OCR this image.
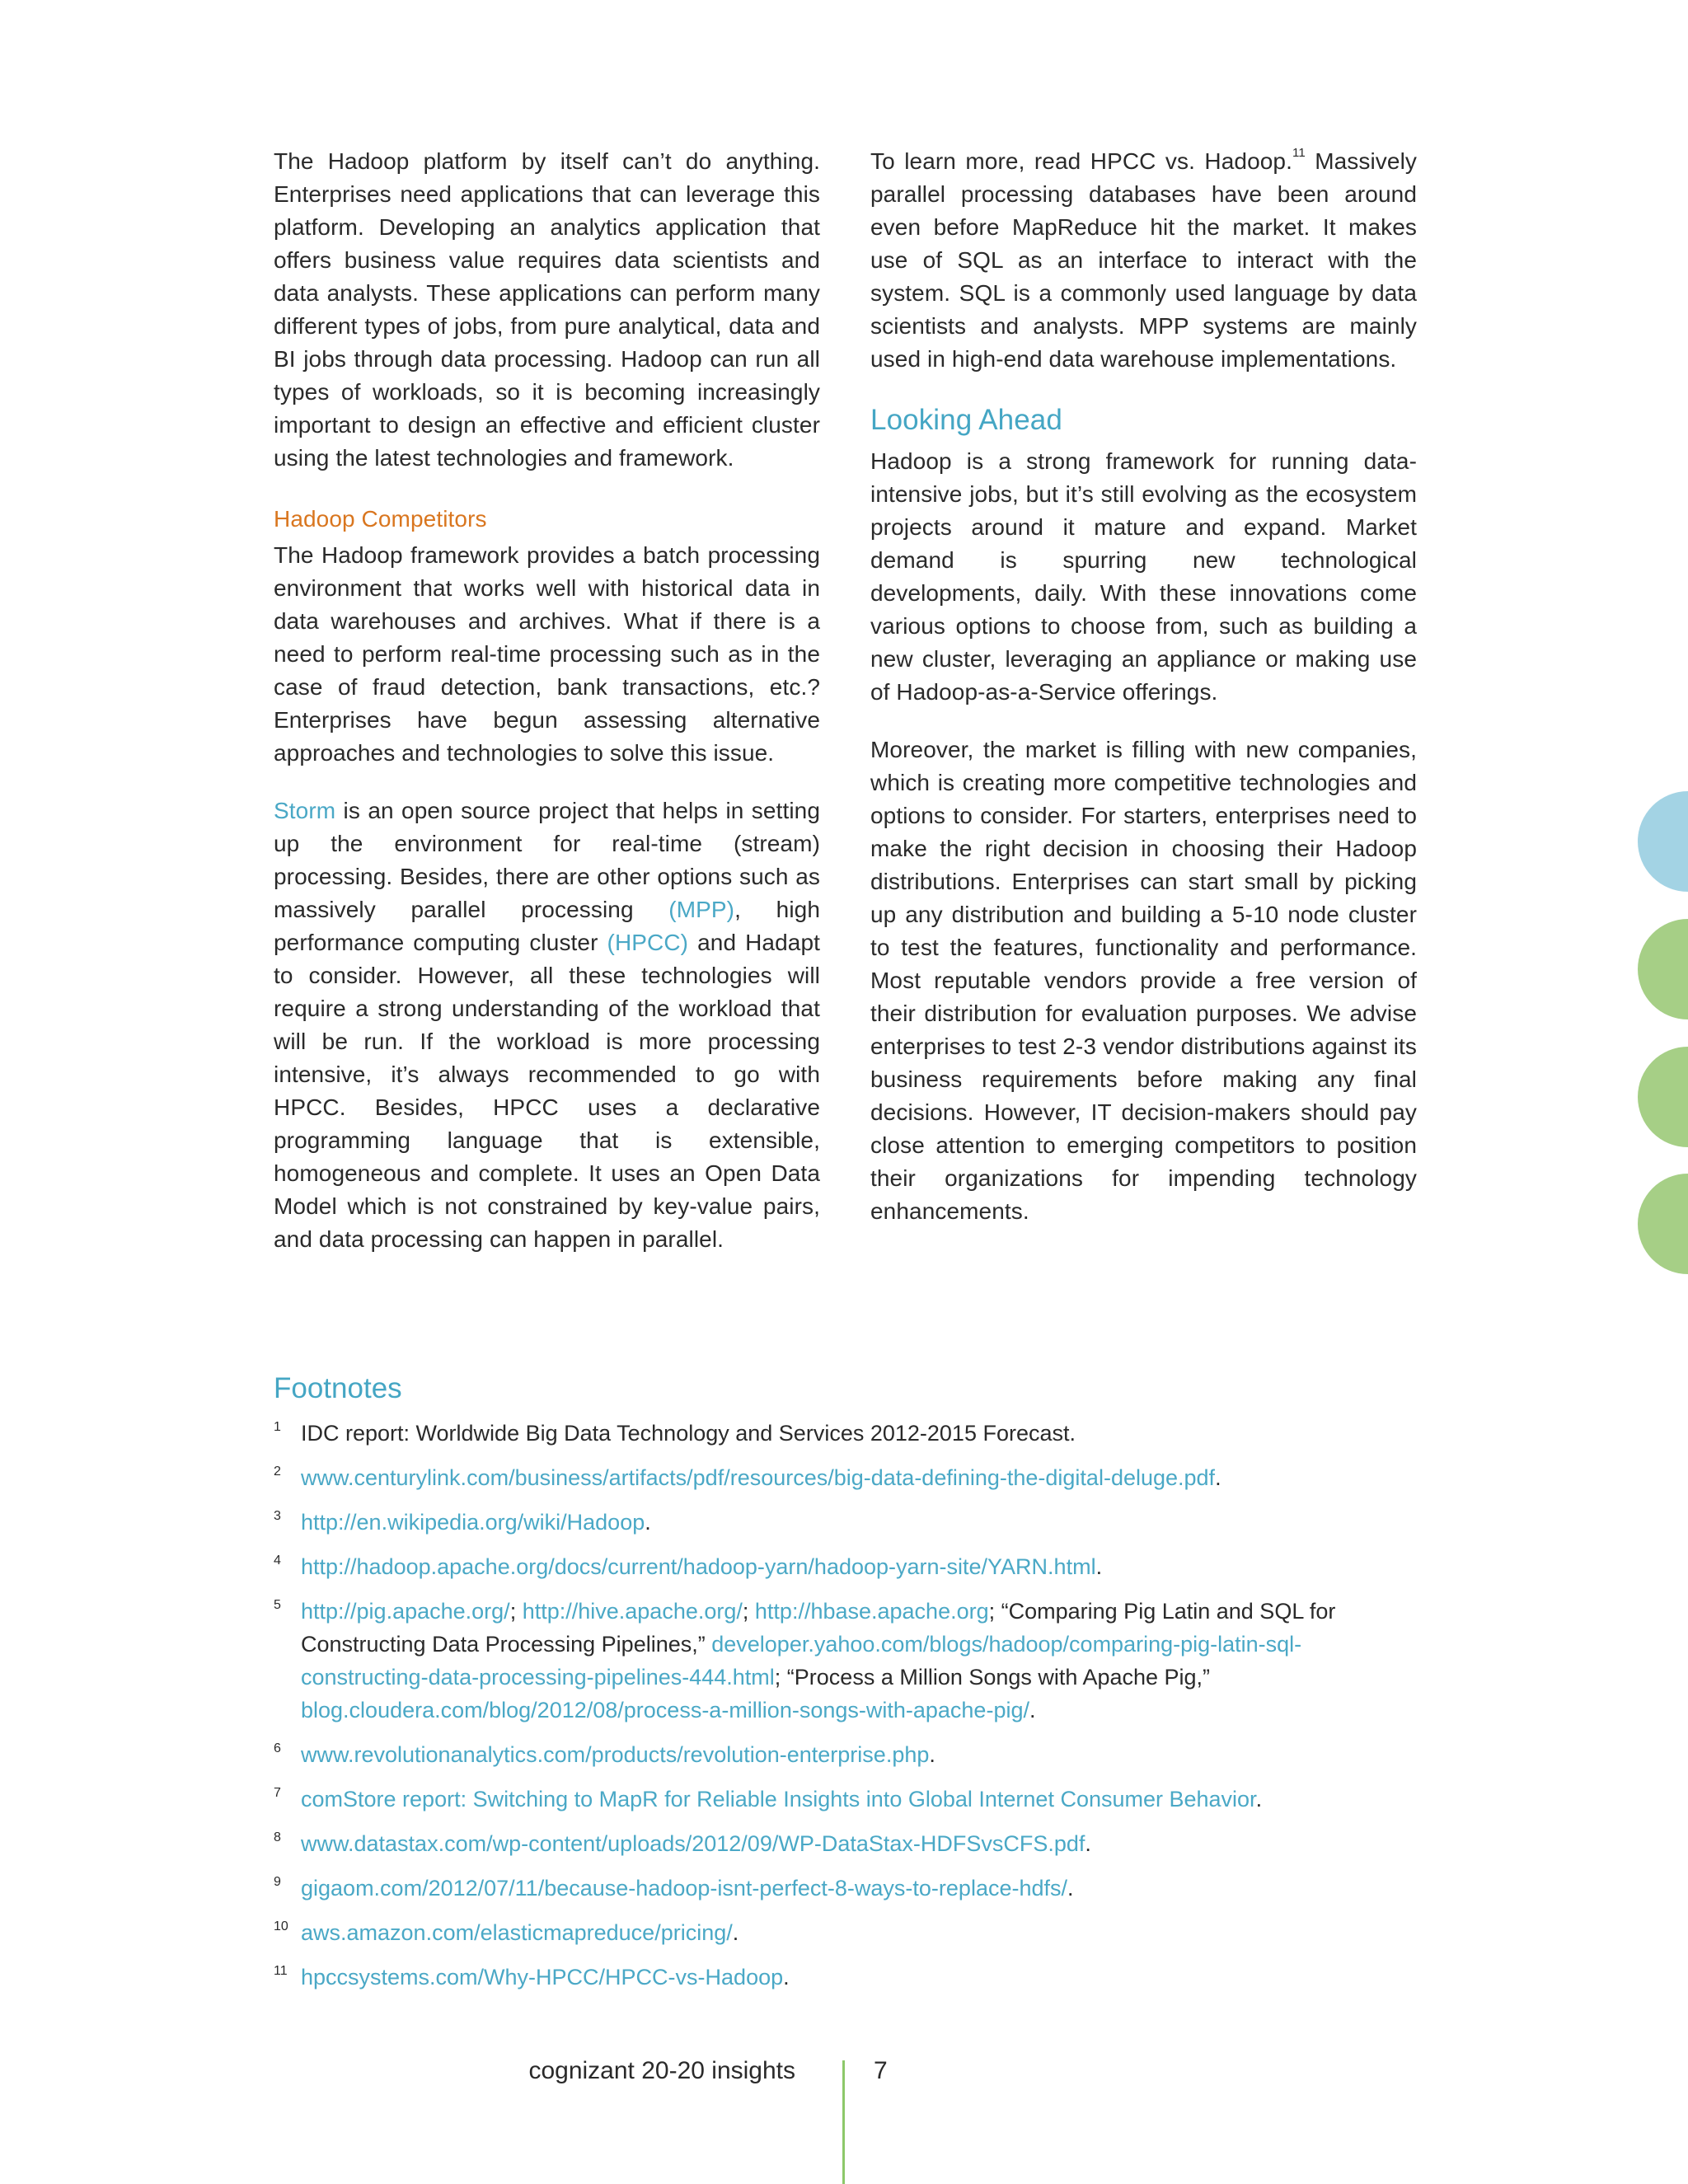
The Hadoop platform by itself can’t do anything. Enterprises need applications that can leverage this platform. Developing an analytics application that offers business value requires data scientists and data analysts. These applications can perform many different types of jobs, from pure analytical, data and BI jobs through data processing. Hadoop can run all types of workloads, so it is becoming increasingly important to design an effective and efficient cluster using the latest technologies and framework.

Hadoop Competitors

The Hadoop framework provides a batch processing environment that works well with historical data in data warehouses and archives. What if there is a need to perform real-time processing such as in the case of fraud detection, bank transactions, etc.? Enterprises have begun assessing alternative approaches and technologies to solve this issue.

Storm is an open source project that helps in setting up the environment for real-time (stream) processing. Besides, there are other options such as massively parallel processing (MPP), high performance computing cluster (HPCC) and Hadapt to consider. However, all these technologies will require a strong understanding of the workload that will be run. If the workload is more processing intensive, it’s always recommended to go with HPCC. Besides, HPCC uses a declarative programming language that is extensible, homogeneous and complete. It uses an Open Data Model which is not constrained by key-value pairs, and data processing can happen in parallel.

To learn more, read HPCC vs. Hadoop.$^{11}$ Massively parallel processing databases have been around even before MapReduce hit the market. It makes use of SQL as an interface to interact with the system. SQL is a commonly used language by data scientists and analysts. MPP systems are mainly used in high-end data warehouse implementations.

Looking Ahead

Hadoop is a strong framework for running data-intensive jobs, but it’s still evolving as the ecosystem projects around it mature and expand. Market demand is spurring new technological developments, daily. With these innovations come various options to choose from, such as building a new cluster, leveraging an appliance or making use of Hadoop-as-a-Service offerings.

Moreover, the market is filling with new companies, which is creating more competitive technologies and options to consider. For starters, enterprises need to make the right decision in choosing their Hadoop distributions. Enterprises can start small by picking up any distribution and building a 5-10 node cluster to test the features, functionality and performance. Most reputable vendors provide a free version of their distribution for evaluation purposes. We advise enterprises to test 2-3 vendor distributions against its business requirements before making any final decisions. However, IT decision-makers should pay close attention to emerging competitors to position their organizations for impending technology enhancements.

Footnotes
1 IDC report: Worldwide Big Data Technology and Services 2012-2015 Forecast.
2 www.centurylink.com/business/artifacts/pdf/resources/big-data-defining-the-digital-deluge.pdf.
3 http://en.wikipedia.org/wiki/Hadoop.
4 http://hadoop.apache.org/docs/current/hadoop-yarn/hadoop-yarn-site/YARN.html.
5 http://pig.apache.org/; http://hive.apache.org/; http://hbase.apache.org; “Comparing Pig Latin and SQL for Constructing Data Processing Pipelines,” developer.yahoo.com/blogs/hadoop/comparing-pig-latin-sql-constructing-data-processing-pipelines-444.html; “Process a Million Songs with Apache Pig,” blog.cloudera.com/blog/2012/08/process-a-million-songs-with-apache-pig/.
6 www.revolutionanalytics.com/products/revolution-enterprise.php.
7 comStore report: Switching to MapR for Reliable Insights into Global Internet Consumer Behavior.
8 www.datastax.com/wp-content/uploads/2012/09/WP-DataStax-HDFSvsCFS.pdf.
9 gigaom.com/2012/07/11/because-hadoop-isnt-perfect-8-ways-to-replace-hdfs/.
10 aws.amazon.com/elasticmapreduce/pricing/.
11 hpccsystems.com/Why-HPCC/HPCC-vs-Hadoop.
cognizant 20-20 insights	7
